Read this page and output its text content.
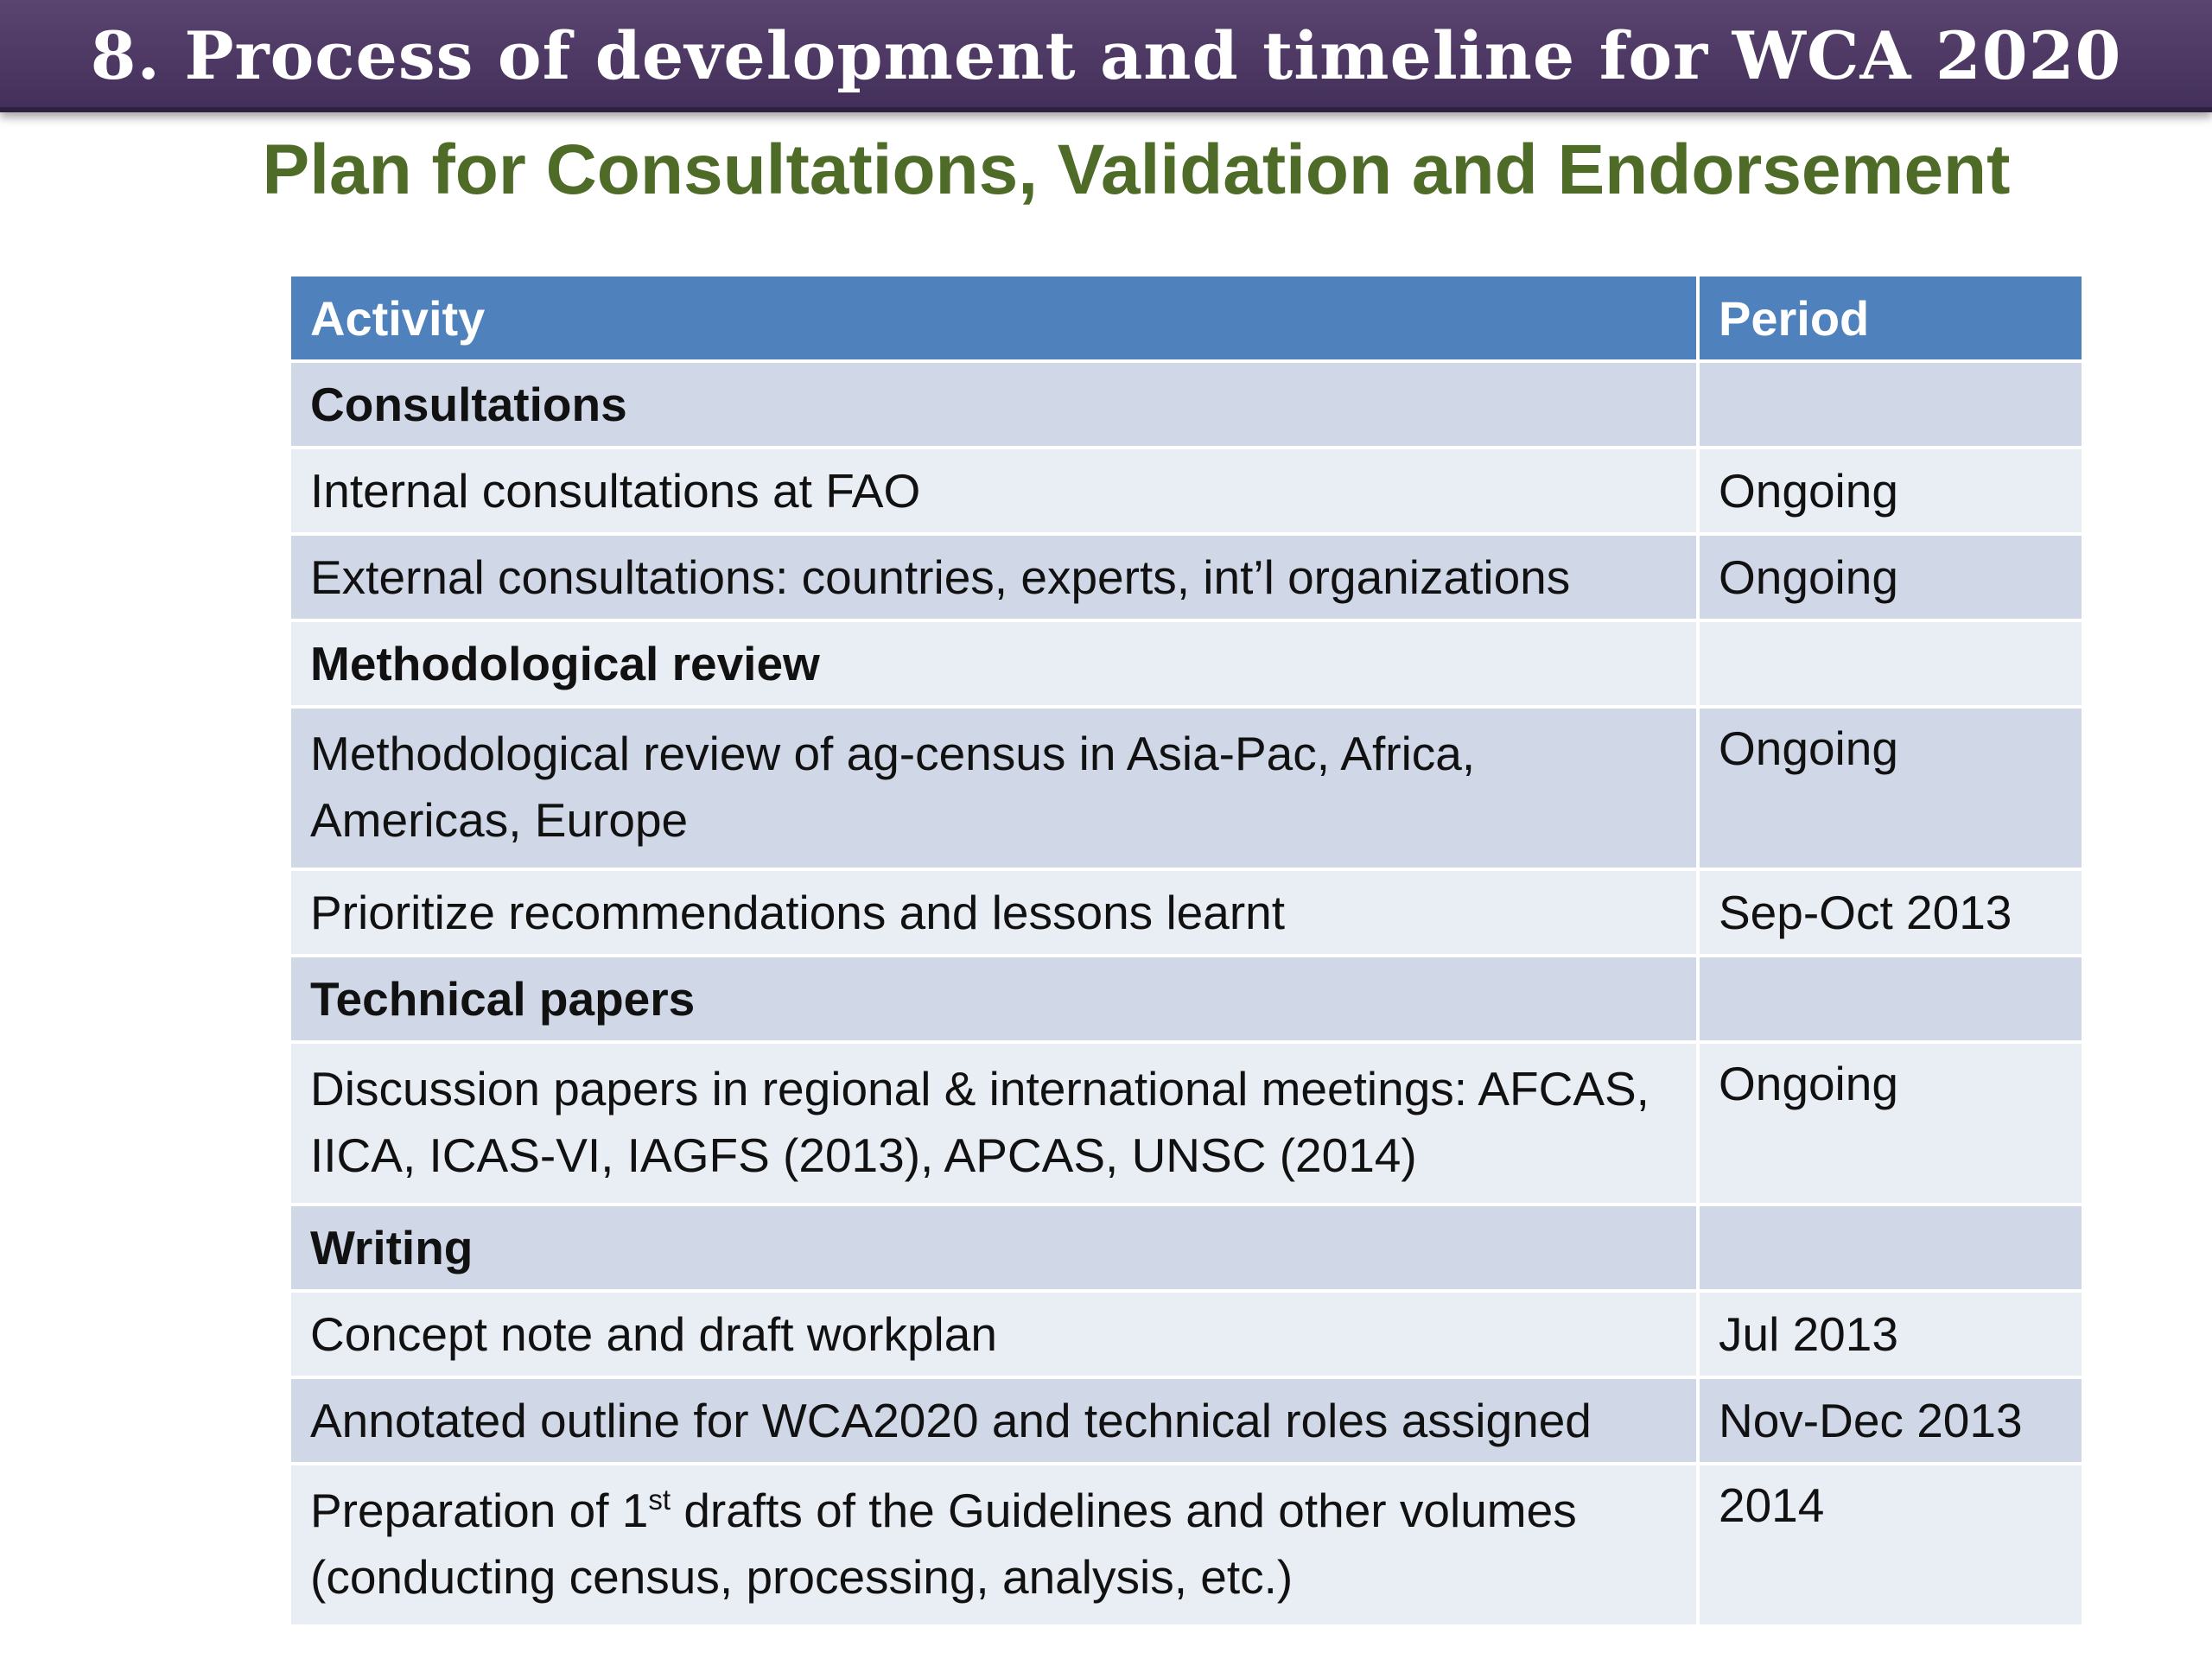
8. Process of development and timeline for WCA 2020
Plan for Consultations, Validation and Endorsement
Activity	Period
Consultations	
Internal consultations at FAO	Ongoing
External consultations: countries, experts, int’l organizations	Ongoing
Methodological review	
Methodological review of ag-census in Asia-Pac, Africa, Americas, Europe	Ongoing
Prioritize recommendations and lessons learnt	Sep-Oct 2013
Technical papers	
Discussion papers in regional & international meetings: AFCAS, IICA, ICAS-VI, IAGFS (2013), APCAS, UNSC (2014)	Ongoing
Writing	
Concept note and draft workplan	Jul 2013
Annotated outline for WCA2020 and technical roles assigned	Nov-Dec 2013
Preparation of 1st drafts of the Guidelines and other volumes (conducting census, processing, analysis, etc.)	2014
